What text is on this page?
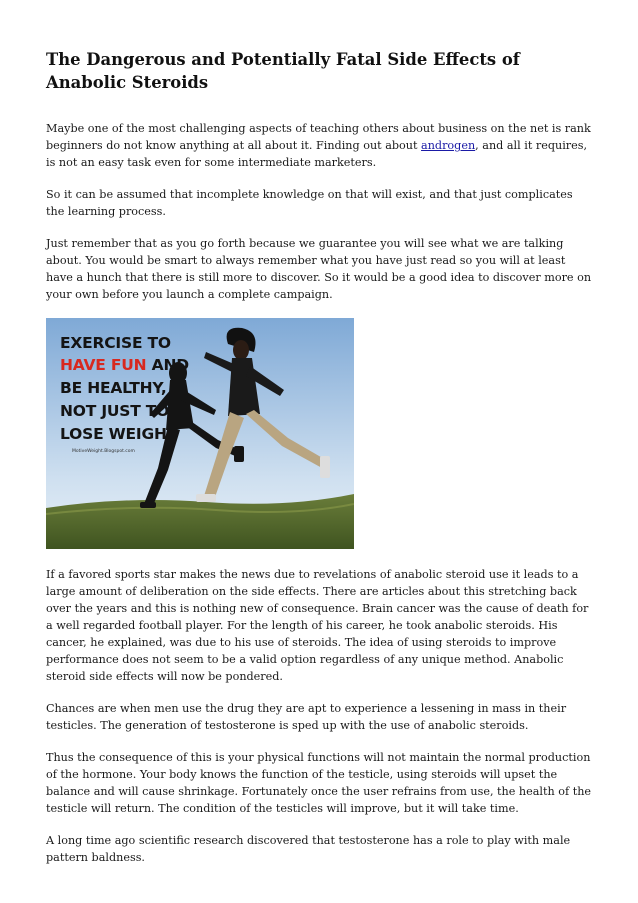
The Dangerous and Potentially Fatal Side Effects of Anabolic Steroids

Maybe one of the most challenging aspects of teaching others about business on the net is rank beginners do not know anything at all about it. Finding out about androgen, and all it requires, is not an easy task even for some intermediate marketers.

So it can be assumed that incomplete knowledge on that will exist, and that just complicates the learning process.

Just remember that as you go forth because we guarantee you will see what we are talking about. You would be smart to always remember what you have just read so you will at least have a hunch that there is still more to discover. So it would be a good idea to discover more on your own before you launch a complete campaign.

EXERCISE TO
HAVE FUN AND
BE HEALTHY,
NOT JUST TO
LOSE WEIGHT
MotiveWeight.Blogspot.com

If a favored sports star makes the news due to revelations of anabolic steroid use it leads to a large amount of deliberation on the side effects. There are articles about this stretching back over the years and this is nothing new of consequence. Brain cancer was the cause of death for a well regarded football player. For the length of his career, he took anabolic steroids. His cancer, he explained, was due to his use of steroids. The idea of using steroids to improve performance does not seem to be a valid option regardless of any unique method. Anabolic steroid side effects will now be pondered.

Chances are when men use the drug they are apt to experience a lessening in mass in their testicles. The generation of testosterone is sped up with the use of anabolic steroids.

Thus the consequence of this is your physical functions will not maintain the normal production of the hormone. Your body knows the function of the testicle, using steroids will upset the balance and will cause shrinkage. Fortunately once the user refrains from use, the health of the testicle will return. The condition of the testicles will improve, but it will take time.

A long time ago scientific research discovered that testosterone has a role to play with male pattern baldness.
